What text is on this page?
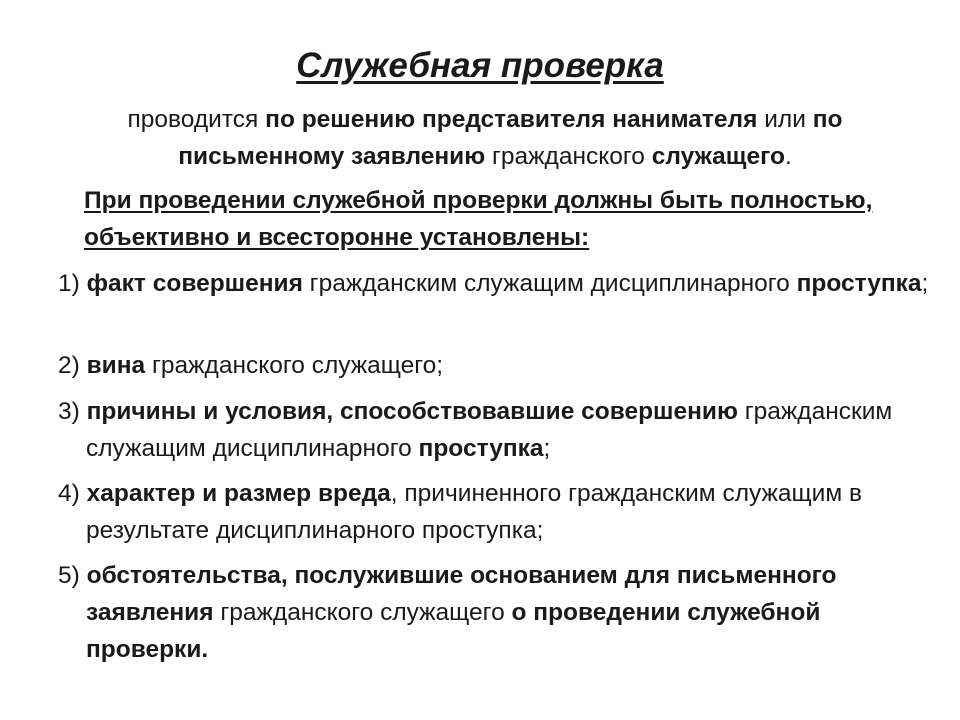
Служебная проверка
проводится по решению представителя нанимателя или по письменному заявлению гражданского служащего.
При проведении служебной проверки должны быть полностью, объективно и всесторонне установлены:
1) факт совершения гражданским служащим дисциплинарного проступка;
2) вина гражданского служащего;
3) причины и условия, способствовавшие совершению гражданским служащим дисциплинарного проступка;
4) характер и размер вреда, причиненного гражданским служащим в результате дисциплинарного проступка;
5) обстоятельства, послужившие основанием для письменного заявления гражданского служащего о проведении служебной проверки.
